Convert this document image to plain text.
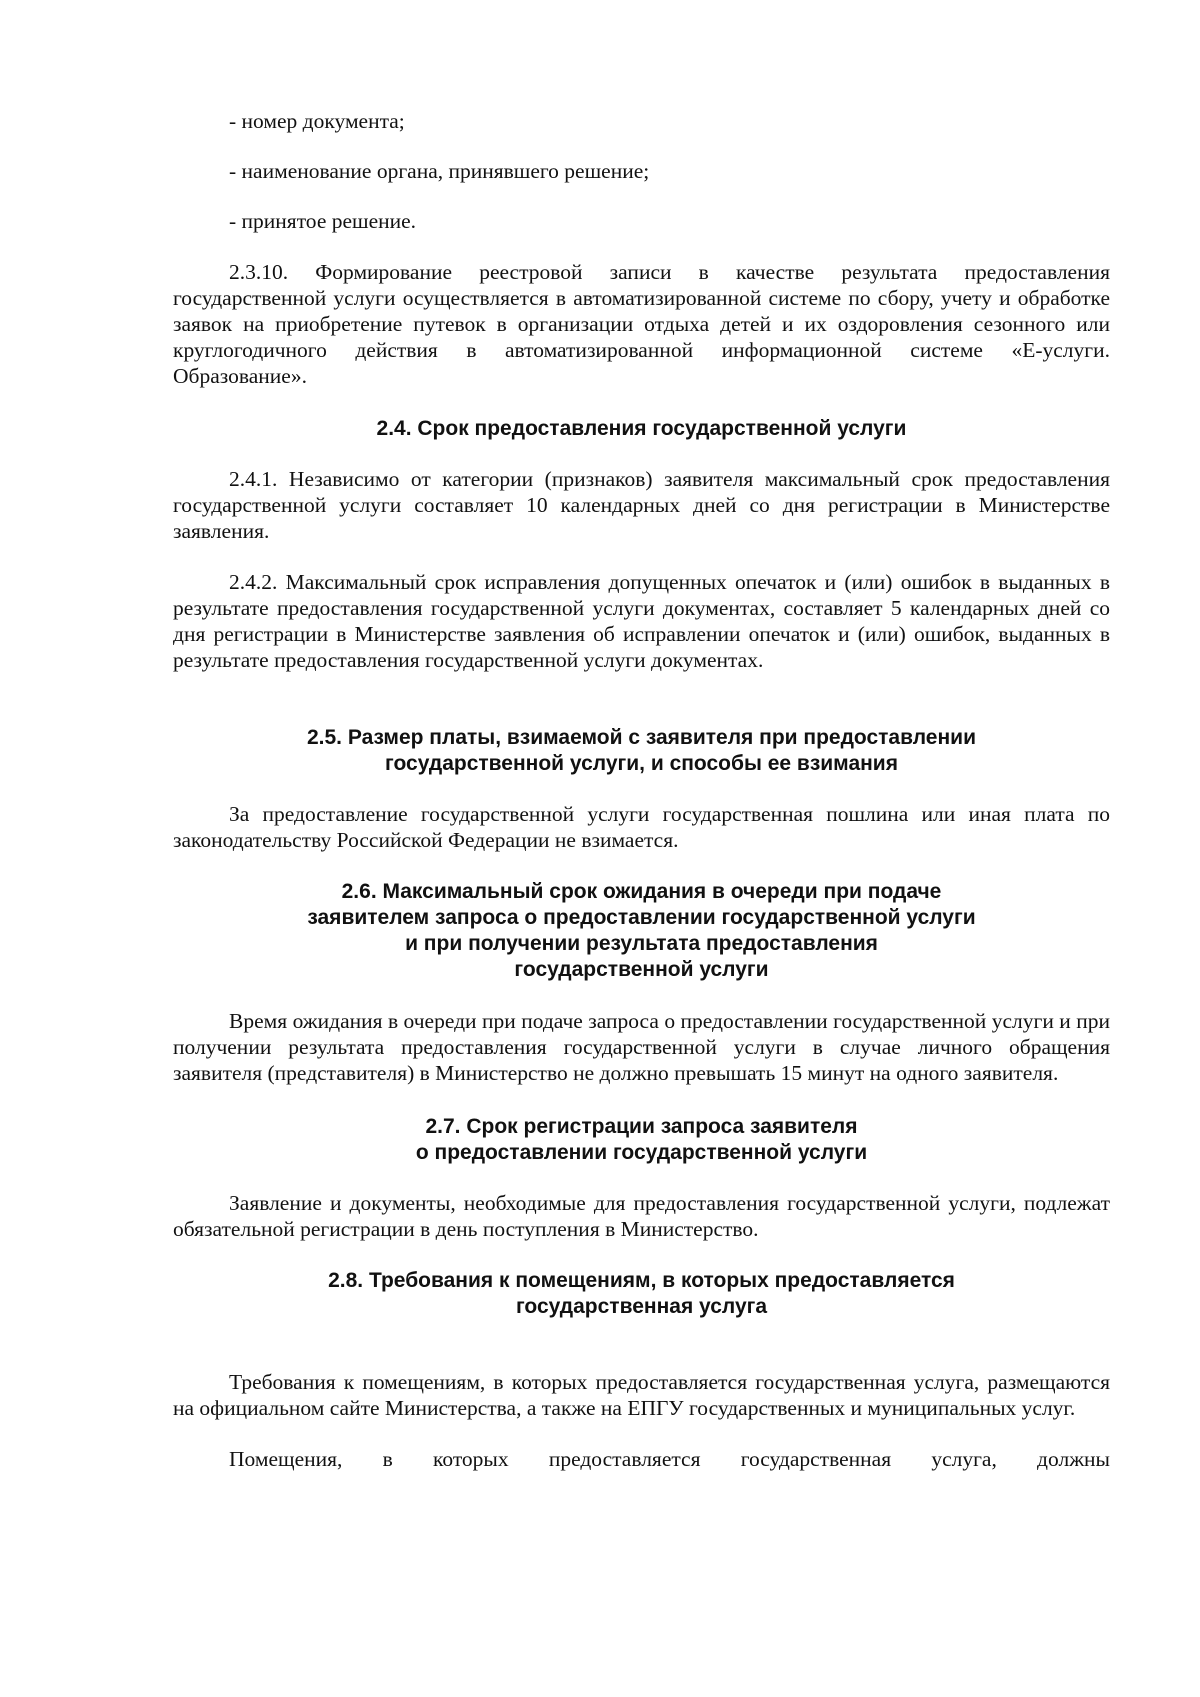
- номер документа;

- наименование органа, принявшего решение;

- принятое решение.

2.3.10. Формирование реестровой записи в качестве результата предоставления государственной услуги осуществляется в автоматизированной системе по сбору, учету и обработке заявок на приобретение путевок в организации отдыха детей и их оздоровления сезонного или круглогодичного действия в автоматизированной информационной системе «Е-услуги. Образование».

2.4. Срок предоставления государственной услуги

2.4.1. Независимо от категории (признаков) заявителя максимальный срок предоставления государственной услуги составляет 10 календарных дней со дня регистрации в Министерстве заявления.

2.4.2. Максимальный срок исправления допущенных опечаток и (или) ошибок в выданных в результате предоставления государственной услуги документах, составляет 5 календарных дней со дня регистрации в Министерстве заявления об исправлении опечаток и (или) ошибок, выданных в результате предоставления государственной услуги документах.

2.5. Размер платы, взимаемой с заявителя при предоставлении
государственной услуги, и способы ее взимания

За предоставление государственной услуги государственная пошлина или иная плата по законодательству Российской Федерации не взимается.

2.6. Максимальный срок ожидания в очереди при подаче
заявителем запроса о предоставлении государственной услуги
и при получении результата предоставления
государственной услуги

Время ожидания в очереди при подаче запроса о предоставлении государственной услуги и при получении результата предоставления государственной услуги в случае личного обращения заявителя (представителя) в Министерство не должно превышать 15 минут на одного заявителя.

2.7. Срок регистрации запроса заявителя
о предоставлении государственной услуги

Заявление и документы, необходимые для предоставления государственной услуги, подлежат обязательной регистрации в день поступления в Министерство.

2.8. Требования к помещениям, в которых предоставляется
государственная услуга

Требования к помещениям, в которых предоставляется государственная услуга, размещаются на официальном сайте Министерства, а также на ЕПГУ государственных и муниципальных услуг.

Помещения, в которых предоставляется государственная услуга, должны
